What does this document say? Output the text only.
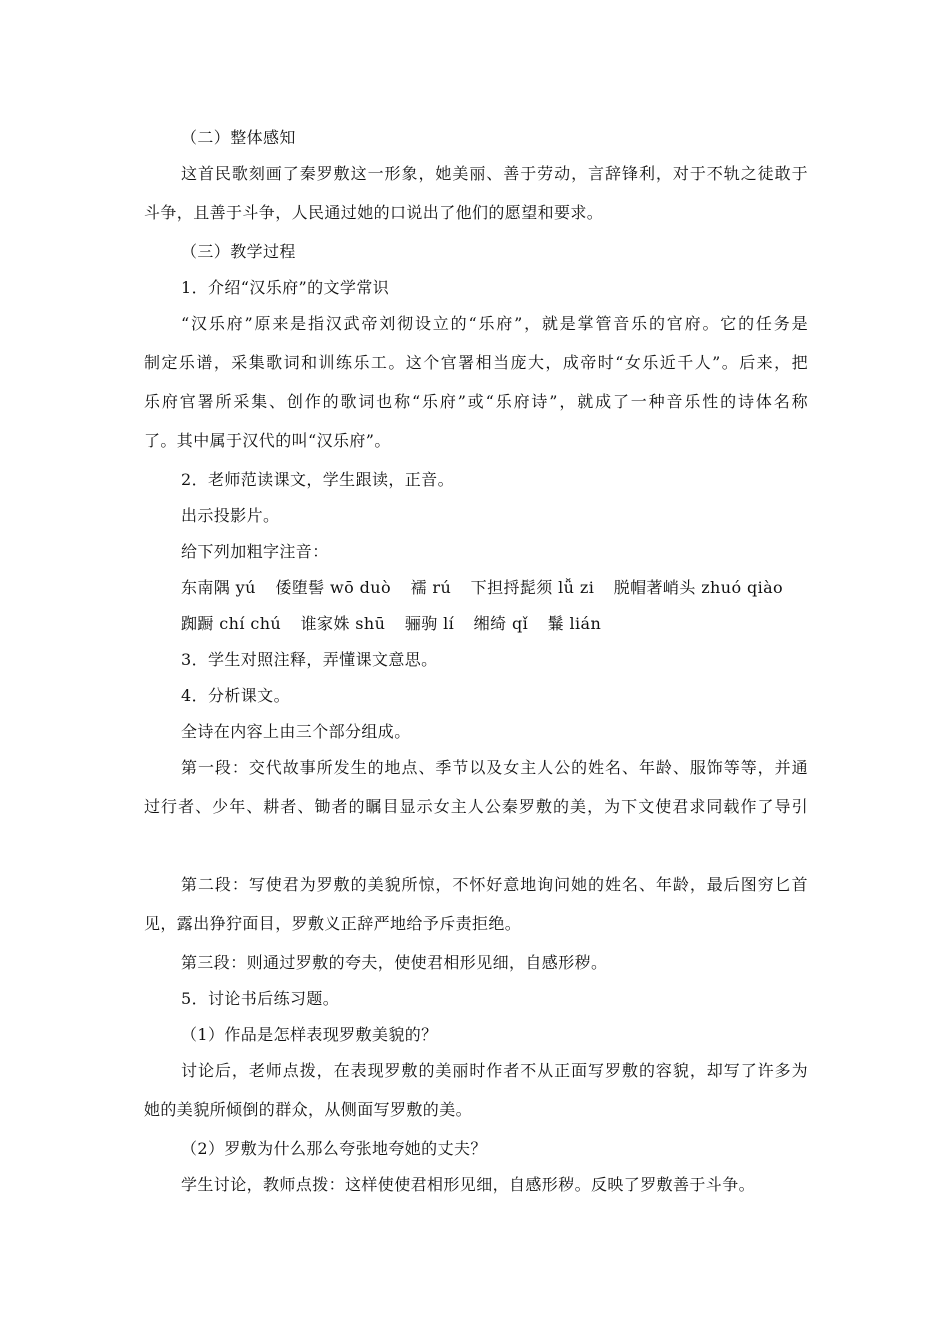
（二）整体感知
这首民歌刻画了秦罗敷这一形象，她美丽、善于劳动，言辞锋利，对于不轨之徒敢于
斗争，且善于斗争，人民通过她的口说出了他们的愿望和要求。
（三）教学过程
1．介绍“汉乐府”的文学常识
“汉乐府”原来是指汉武帝刘彻设立的“乐府”，就是掌管音乐的官府。它的任务是
制定乐谱，采集歌词和训练乐工。这个官署相当庞大，成帝时“女乐近千人”。后来，把
乐府官署所采集、创作的歌词也称“乐府”或“乐府诗”，就成了一种音乐性的诗体名称
了。其中属于汉代的叫“汉乐府”。
2．老师范读课文，学生跟读，正音。
出示投影片。
给下列加粗字注音：
东南隅 yú 倭堕髻 wō duò 襦 rú 下担捋髭须 lǚ zi 脱帽著峭头 zhuó qiào
踟蹰 chí chú 谁家姝 shū 骊驹 lí 缃绮 qǐ 鬑 lián
3．学生对照注释，弄懂课文意思。
4．分析课文。
全诗在内容上由三个部分组成。
第一段：交代故事所发生的地点、季节以及女主人公的姓名、年龄、服饰等等，并通
过行者、少年、耕者、锄者的瞩目显示女主人公秦罗敷的美，为下文使君求同载作了导引
第二段：写使君为罗敷的美貌所惊，不怀好意地询问她的姓名、年龄，最后图穷匕首
见，露出狰狞面目，罗敷义正辞严地给予斥责拒绝。
第三段：则通过罗敷的夸夫，使使君相形见细，自感形秽。
5．讨论书后练习题。
（1）作品是怎样表现罗敷美貌的？
讨论后，老师点拨，在表现罗敷的美丽时作者不从正面写罗敷的容貌，却写了许多为
她的美貌所倾倒的群众，从侧面写罗敷的美。
（2）罗敷为什么那么夸张地夸她的丈夫？
学生讨论，教师点拨：这样使使君相形见细，自感形秽。反映了罗敷善于斗争。
